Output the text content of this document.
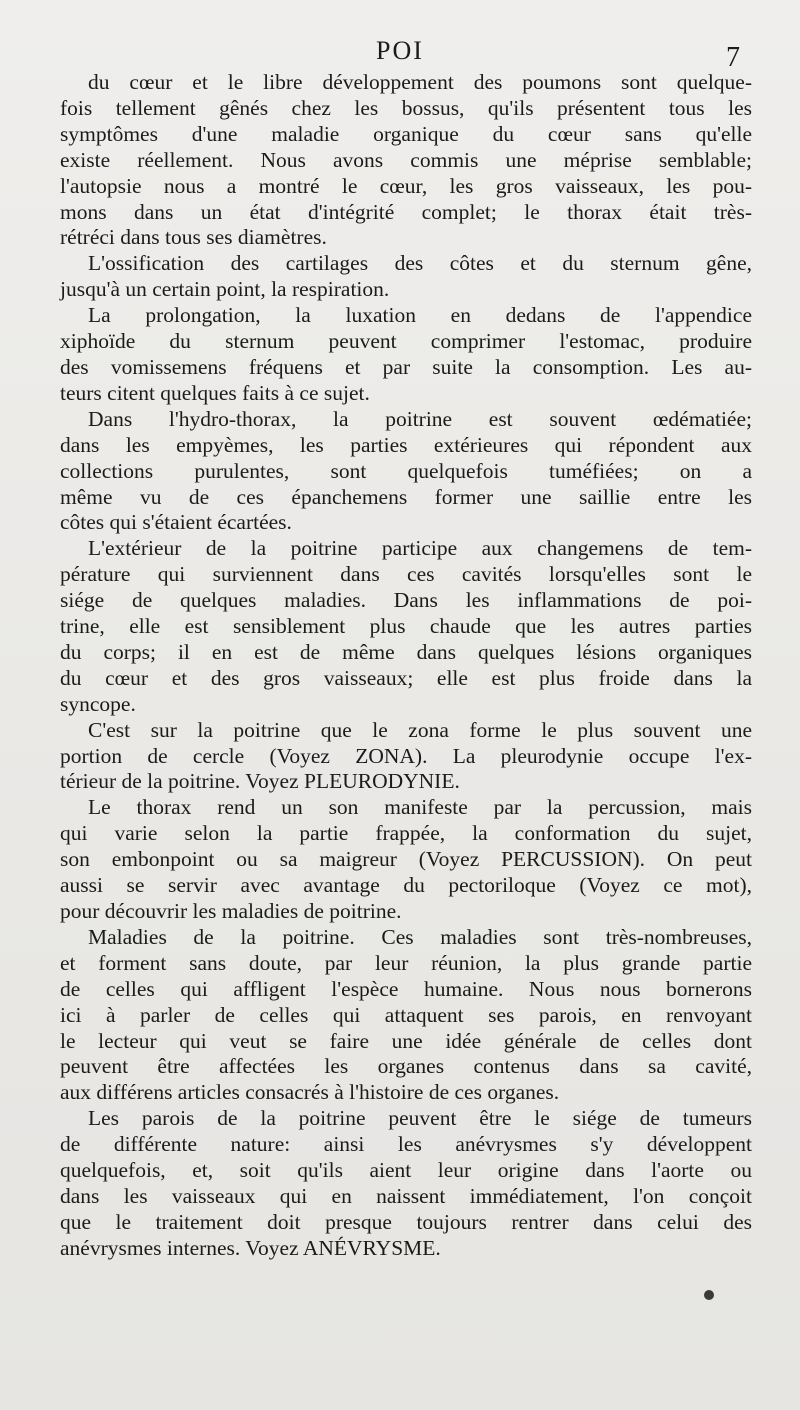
POI	7

du cœur et le libre développement des poumons sont quelque-

fois tellement gênés chez les bossus, qu'ils présentent tous les

symptômes d'une maladie organique du cœur sans qu'elle

existe réellement. Nous avons commis une méprise semblable;

l'autopsie nous a montré le cœur, les gros vaisseaux, les pou-

mons dans un état d'intégrité complet; le thorax était très-

rétréci dans tous ses diamètres.

L'ossification des cartilages des côtes et du sternum gêne,

jusqu'à un certain point, la respiration.

La prolongation, la luxation en dedans de l'appendice

xiphoïde du sternum peuvent comprimer l'estomac, produire

des vomissemens fréquens et par suite la consomption. Les au-

teurs citent quelques faits à ce sujet.

Dans l'hydro-thorax, la poitrine est souvent œdématiée;

dans les empyèmes, les parties extérieures qui répondent aux

collections purulentes, sont quelquefois tuméfiées; on a

même vu de ces épanchemens former une saillie entre les

côtes qui s'étaient écartées.

L'extérieur de la poitrine participe aux changemens de tem-

pérature qui surviennent dans ces cavités lorsqu'elles sont le

siége de quelques maladies. Dans les inflammations de poi-

trine, elle est sensiblement plus chaude que les autres parties

du corps; il en est de même dans quelques lésions organiques

du cœur et des gros vaisseaux; elle est plus froide dans la

syncope.

C'est sur la poitrine que le zona forme le plus souvent une

portion de cercle (Voyez ZONA). La pleurodynie occupe l'ex-

térieur de la poitrine. Voyez PLEURODYNIE.

Le thorax rend un son manifeste par la percussion, mais

qui varie selon la partie frappée, la conformation du sujet,

son embonpoint ou sa maigreur (Voyez PERCUSSION). On peut

aussi se servir avec avantage du pectoriloque (Voyez ce mot),

pour découvrir les maladies de poitrine.

Maladies de la poitrine. Ces maladies sont très-nombreuses,

et forment sans doute, par leur réunion, la plus grande partie

de celles qui affligent l'espèce humaine. Nous nous bornerons

ici à parler de celles qui attaquent ses parois, en renvoyant

le lecteur qui veut se faire une idée générale de celles dont

peuvent être affectées les organes contenus dans sa cavité,

aux différens articles consacrés à l'histoire de ces organes.

Les parois de la poitrine peuvent être le siége de tumeurs

de différente nature: ainsi les anévrysmes s'y développent

quelquefois, et, soit qu'ils aient leur origine dans l'aorte ou

dans les vaisseaux qui en naissent immédiatement, l'on conçoit

que le traitement doit presque toujours rentrer dans celui des

anévrysmes internes. Voyez ANÉVRYSME.
